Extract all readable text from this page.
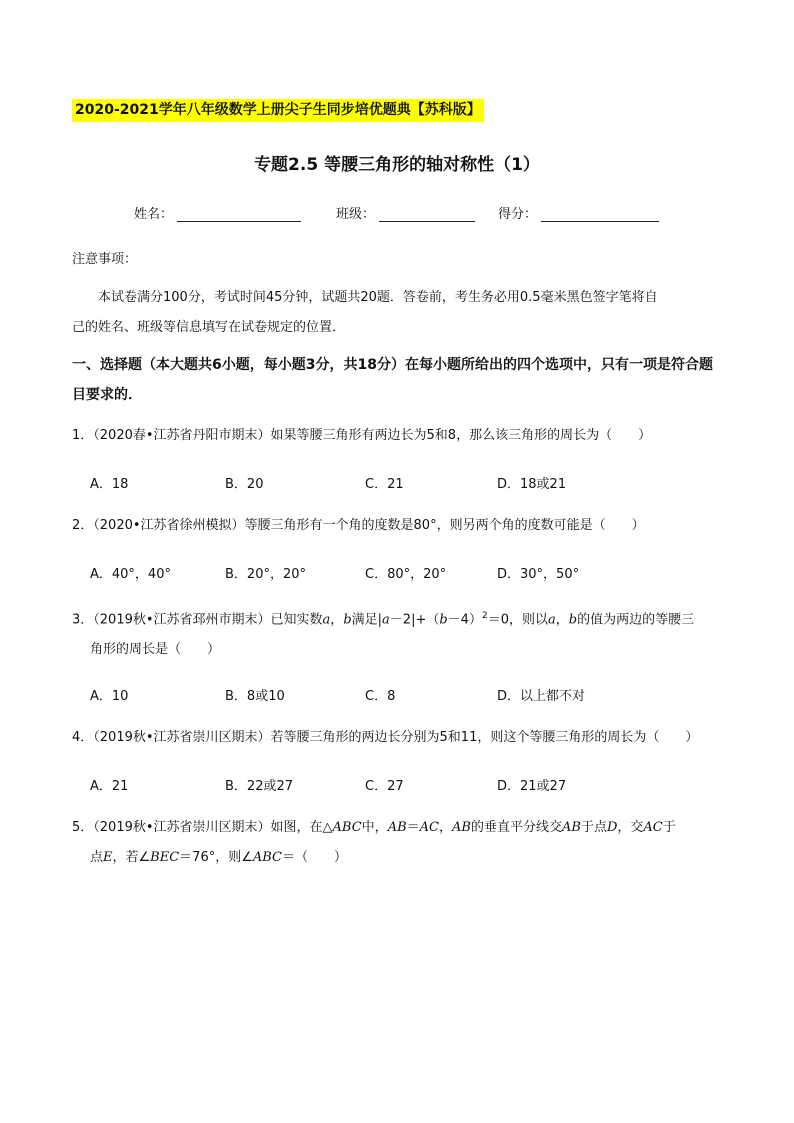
2020-2021学年八年级数学上册尖子生同步培优题典【苏科版】
专题2.5 等腰三角形的轴对称性（1）
姓名：	班级：	得分：
注意事项：
本试卷满分100分，考试时间45分钟，试题共20题．答卷前，考生务必用0.5毫米黑色签字笔将自
己的姓名、班级等信息填写在试卷规定的位置．
一、选择题（本大题共6小题，每小题3分，共18分）在每小题所给出的四个选项中，只有一项是符合题
目要求的．
1．（2020春•江苏省丹阳市期末）如果等腰三角形有两边长为5和8，那么该三角形的周长为（　　）
A．18	B．20	C．21	D．18或21
2．（2020•江苏省徐州模拟）等腰三角形有一个角的度数是80°，则另两个角的度数可能是（　　）
A．40°，40°	B．20°，20°	C．80°，20°	D．30°，50°
3．（2019秋•江苏省邳州市期末）已知实数a，b满足$|a-2|+(b-4)^2=0$，则以a，b的值为两边的等腰三
角形的周长是（　　）
A．10	B．8或10	C．8	D．以上都不对
4．（2019秋•江苏省崇川区期末）若等腰三角形的两边长分别为5和11，则这个等腰三角形的周长为（　　）
A．21	B．22或27	C．27	D．21或27
5．（2019秋•江苏省崇川区期末）如图，在△ABC中，AB＝AC，AB的垂直平分线交AB于点D，交AC于
点E，若∠BEC＝76°，则∠ABC＝（　　）
